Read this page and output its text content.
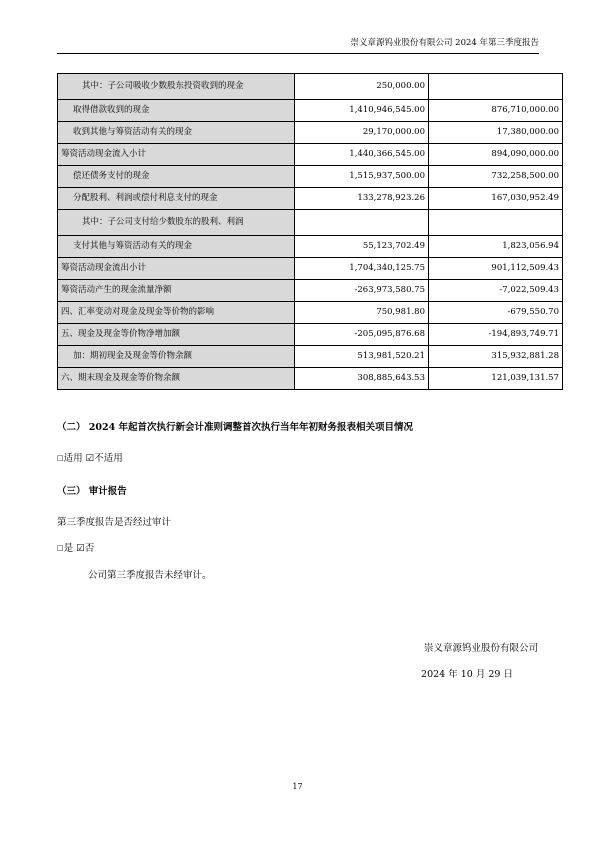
崇义章源钨业股份有限公司 2024 年第三季度报告
其中：子公司吸收少数股东投资收到的现金	250,000.00	
取得借款收到的现金	1,410,946,545.00	876,710,000.00
收到其他与筹资活动有关的现金	29,170,000.00	17,380,000.00
筹资活动现金流入小计	1,440,366,545.00	894,090,000.00
偿还债务支付的现金	1,515,937,500.00	732,258,500.00
分配股利、利润或偿付利息支付的现金	133,278,923.26	167,030,952.49
其中：子公司支付给少数股东的股利、利润		
支付其他与筹资活动有关的现金	55,123,702.49	1,823,056.94
筹资活动现金流出小计	1,704,340,125.75	901,112,509.43
筹资活动产生的现金流量净额	-263,973,580.75	-7,022,509.43
四、汇率变动对现金及现金等价物的影响	750,981.80	-679,550.70
五、现金及现金等价物净增加额	-205,095,876.68	-194,893,749.71
加：期初现金及现金等价物余额	513,981,520.21	315,932,881.28
六、期末现金及现金等价物余额	308,885,643.53	121,039,131.57
（二） 2024 年起首次执行新会计准则调整首次执行当年年初财务报表相关项目情况
□适用 ☑不适用
（三） 审计报告
第三季度报告是否经过审计
□是 ☑否
公司第三季度报告未经审计。
崇义章源钨业股份有限公司
2024 年 10 月 29 日
17
